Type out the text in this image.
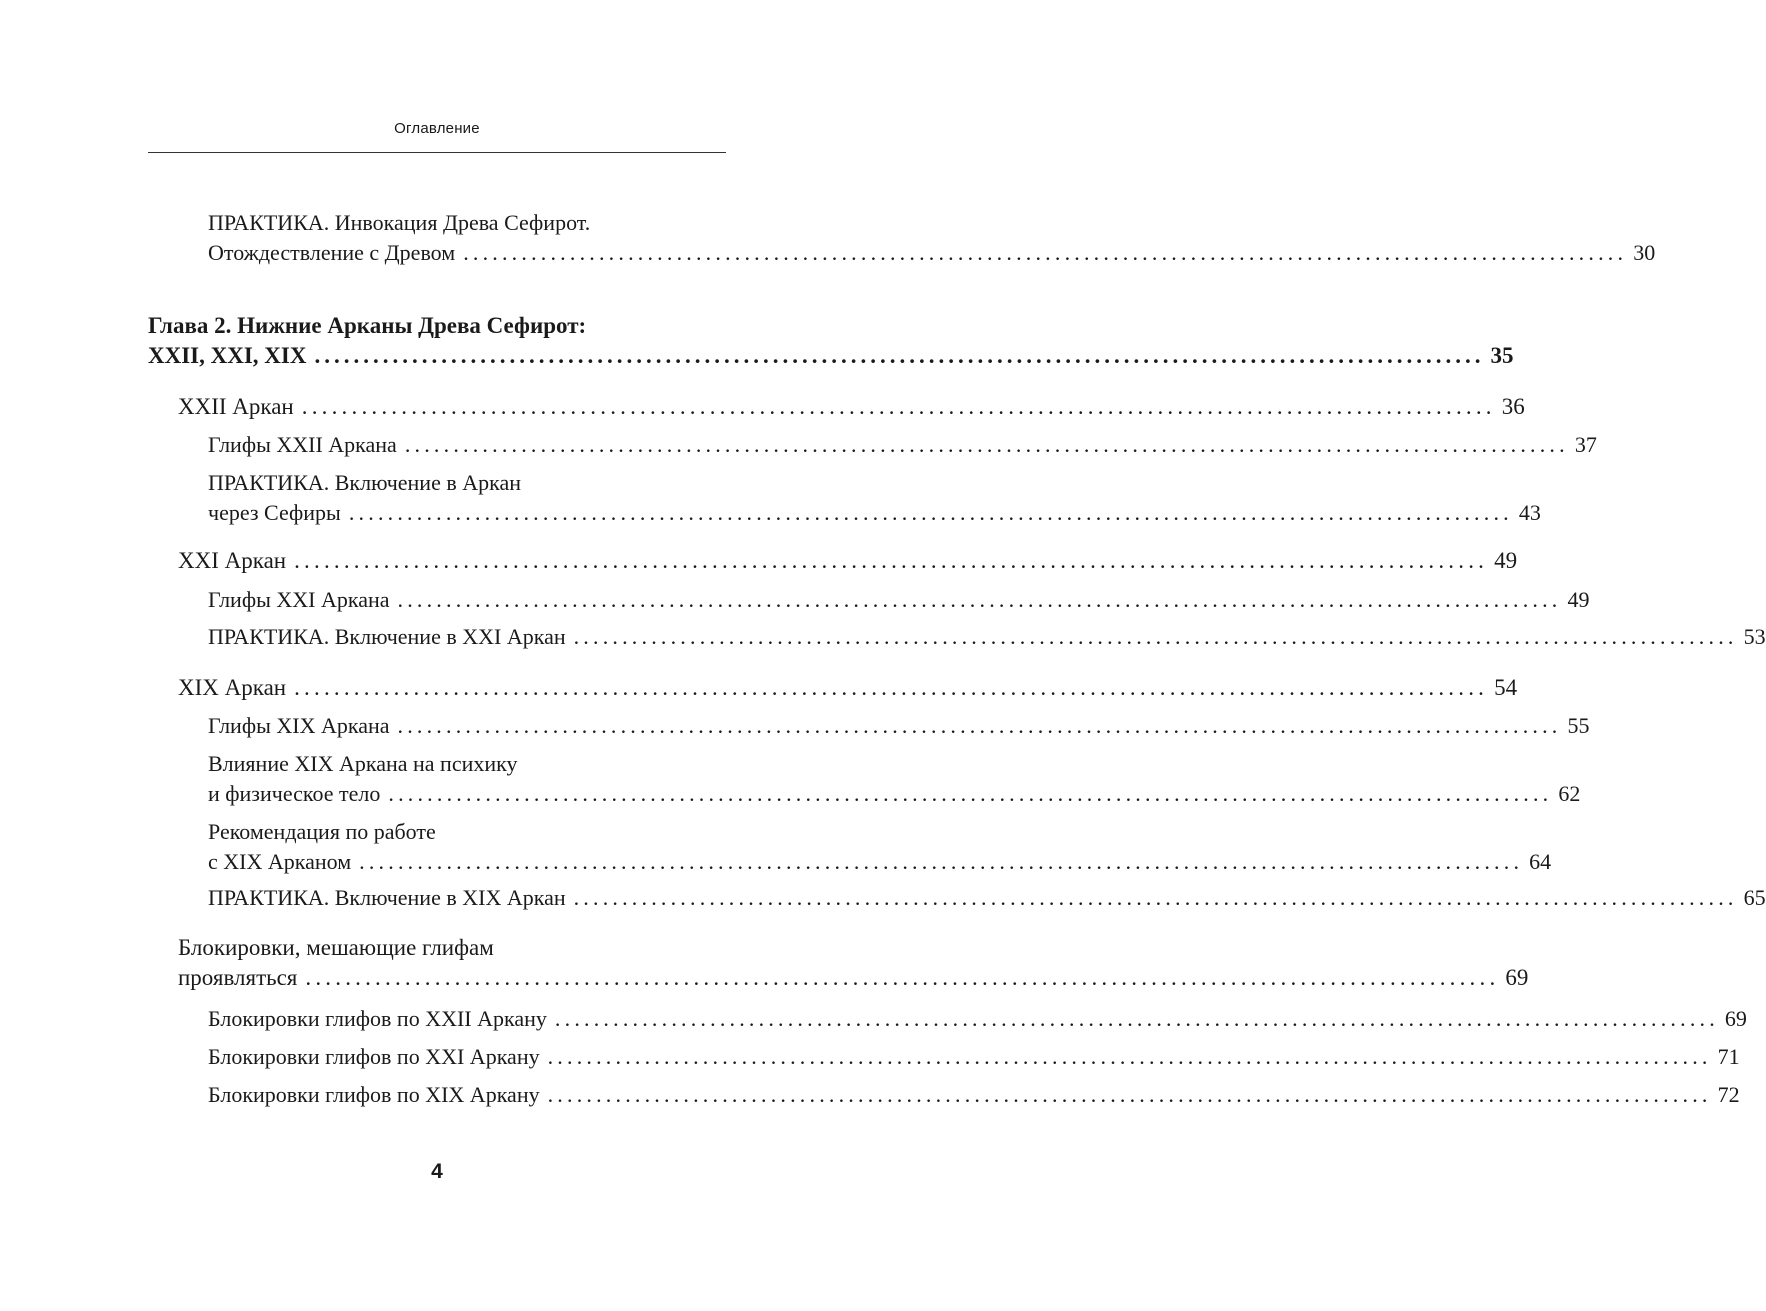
Оглавление
ПРАКТИКА. Инвокация Древа Сефирот.
Отождествление с Древом ........................................................................................................................ 30
Глава 2. Нижние Арканы Древа Сефирот:
XXII, XXI, XIX ........................................................................................................................ 35
XXII Аркан ........................................................................................................................ 36
Глифы XXII Аркана ........................................................................................................................ 37
ПРАКТИКА. Включение в Аркан
через Сефиры ........................................................................................................................ 43
XXI Аркан ........................................................................................................................ 49
Глифы XXI Аркана ........................................................................................................................ 49
ПРАКТИКА. Включение в XXI Аркан ........................................................................................................................ 53
XIX Аркан ........................................................................................................................ 54
Глифы XIX Аркана ........................................................................................................................ 55
Влияние XIX Аркана на психику
и физическое тело ........................................................................................................................ 62
Рекомендация по работе
с XIX Арканом ........................................................................................................................ 64
ПРАКТИКА. Включение в XIX Аркан ........................................................................................................................ 65
Блокировки, мешающие глифам
проявляться ........................................................................................................................ 69
Блокировки глифов по XXII Аркану ........................................................................................................................ 69
Блокировки глифов по XXI Аркану ........................................................................................................................ 71
Блокировки глифов по XIX Аркану ........................................................................................................................ 72
4
